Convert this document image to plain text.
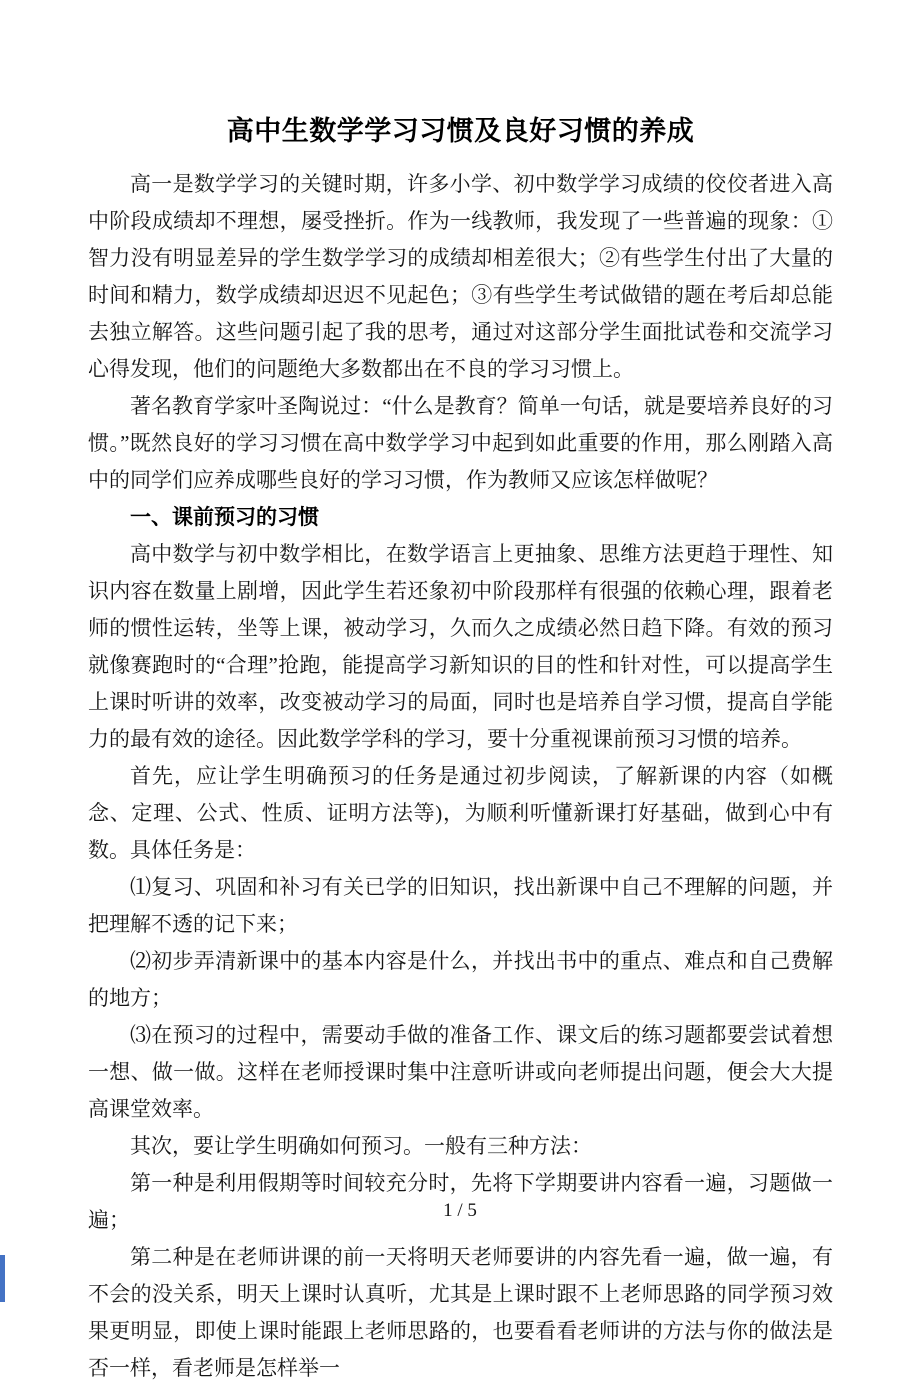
高中生数学学习习惯及良好习惯的养成

高一是数学学习的关键时期，许多小学、初中数学学习成绩的佼佼者进入高中阶段成绩却不理想，屡受挫折。作为一线教师，我发现了一些普遍的现象：①智力没有明显差异的学生数学学习的成绩却相差很大；②有些学生付出了大量的时间和精力，数学成绩却迟迟不见起色；③有些学生考试做错的题在考后却总能去独立解答。这些问题引起了我的思考，通过对这部分学生面批试卷和交流学习心得发现，他们的问题绝大多数都出在不良的学习习惯上。

著名教育学家叶圣陶说过：“什么是教育？简单一句话，就是要培养良好的习惯。”既然良好的学习习惯在高中数学学习中起到如此重要的作用，那么刚踏入高中的同学们应养成哪些良好的学习习惯，作为教师又应该怎样做呢？

一、课前预习的习惯

高中数学与初中数学相比，在数学语言上更抽象、思维方法更趋于理性、知识内容在数量上剧增，因此学生若还象初中阶段那样有很强的依赖心理，跟着老师的惯性运转，坐等上课，被动学习，久而久之成绩必然日趋下降。有效的预习就像赛跑时的“合理”抢跑，能提高学习新知识的目的性和针对性，可以提高学生上课时听讲的效率，改变被动学习的局面，同时也是培养自学习惯，提高自学能力的最有效的途径。因此数学学科的学习，要十分重视课前预习习惯的培养。

首先，应让学生明确预习的任务是通过初步阅读，了解新课的内容（如概念、定理、公式、性质、证明方法等)，为顺利听懂新课打好基础，做到心中有数。具体任务是：

⑴复习、巩固和补习有关已学的旧知识，找出新课中自己不理解的问题，并把理解不透的记下来；

⑵初步弄清新课中的基本内容是什么，并找出书中的重点、难点和自己费解的地方；

⑶在预习的过程中，需要动手做的准备工作、课文后的练习题都要尝试着想一想、做一做。这样在老师授课时集中注意听讲或向老师提出问题，便会大大提高课堂效率。

其次，要让学生明确如何预习。一般有三种方法：

第一种是利用假期等时间较充分时，先将下学期要讲内容看一遍，习题做一遍；

第二种是在老师讲课的前一天将明天老师要讲的内容先看一遍，做一遍，有不会的没关系，明天上课时认真听，尤其是上课时跟不上老师思路的同学预习效果更明显，即使上课时能跟上老师思路的，也要看看老师讲的方法与你的做法是否一样，看老师是怎样举一

1 / 5
